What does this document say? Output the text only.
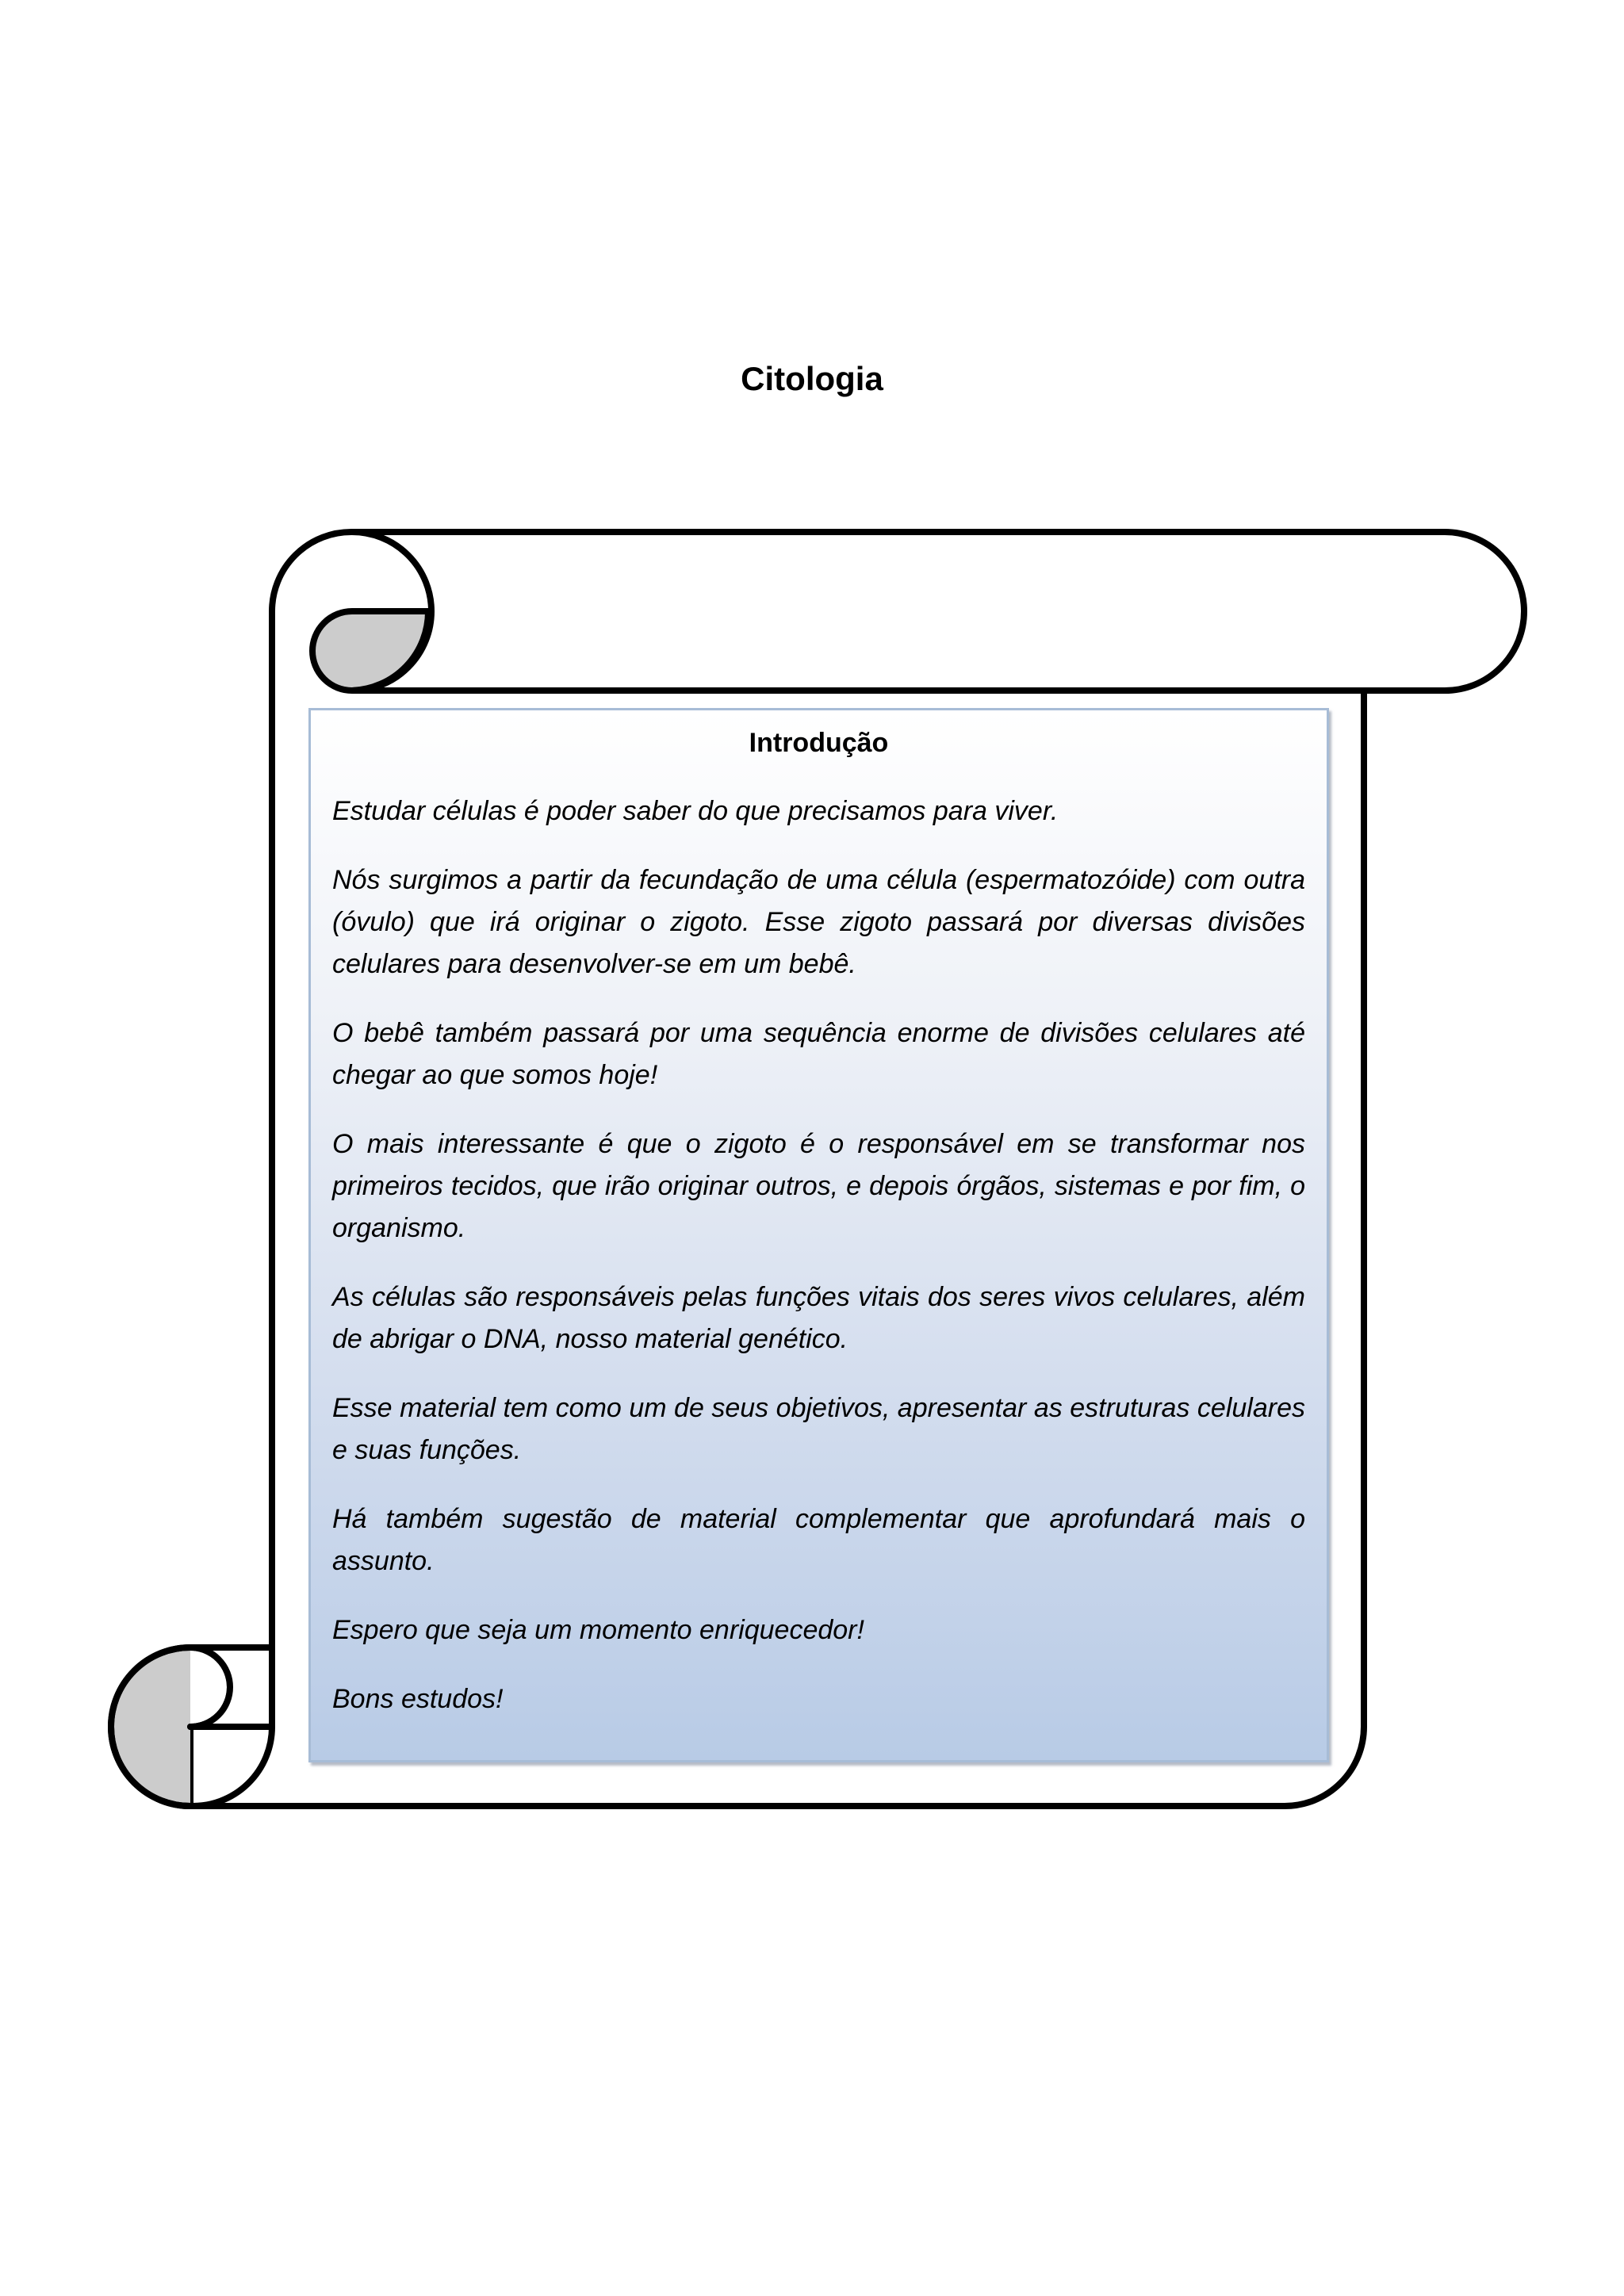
Citologia
Introdução

Estudar células é poder saber do que precisamos para viver.

Nós surgimos a partir da fecundação de uma célula (espermatozóide) com outra (óvulo) que irá originar o zigoto. Esse zigoto passará por diversas divisões celulares para desenvolver-se em um bebê.

O bebê também passará por uma sequência enorme de divisões celulares até chegar ao que somos hoje!

O mais interessante é que o zigoto é o responsável em se transformar nos primeiros tecidos, que irão originar outros, e depois órgãos, sistemas e por fim, o organismo.

As células são responsáveis pelas funções vitais dos seres vivos celulares, além de abrigar o DNA, nosso material genético.

Esse material tem como um de seus objetivos, apresentar as estruturas celulares e suas funções.

Há também sugestão de material complementar que aprofundará mais o assunto.

Espero que seja um momento enriquecedor!

Bons estudos!
